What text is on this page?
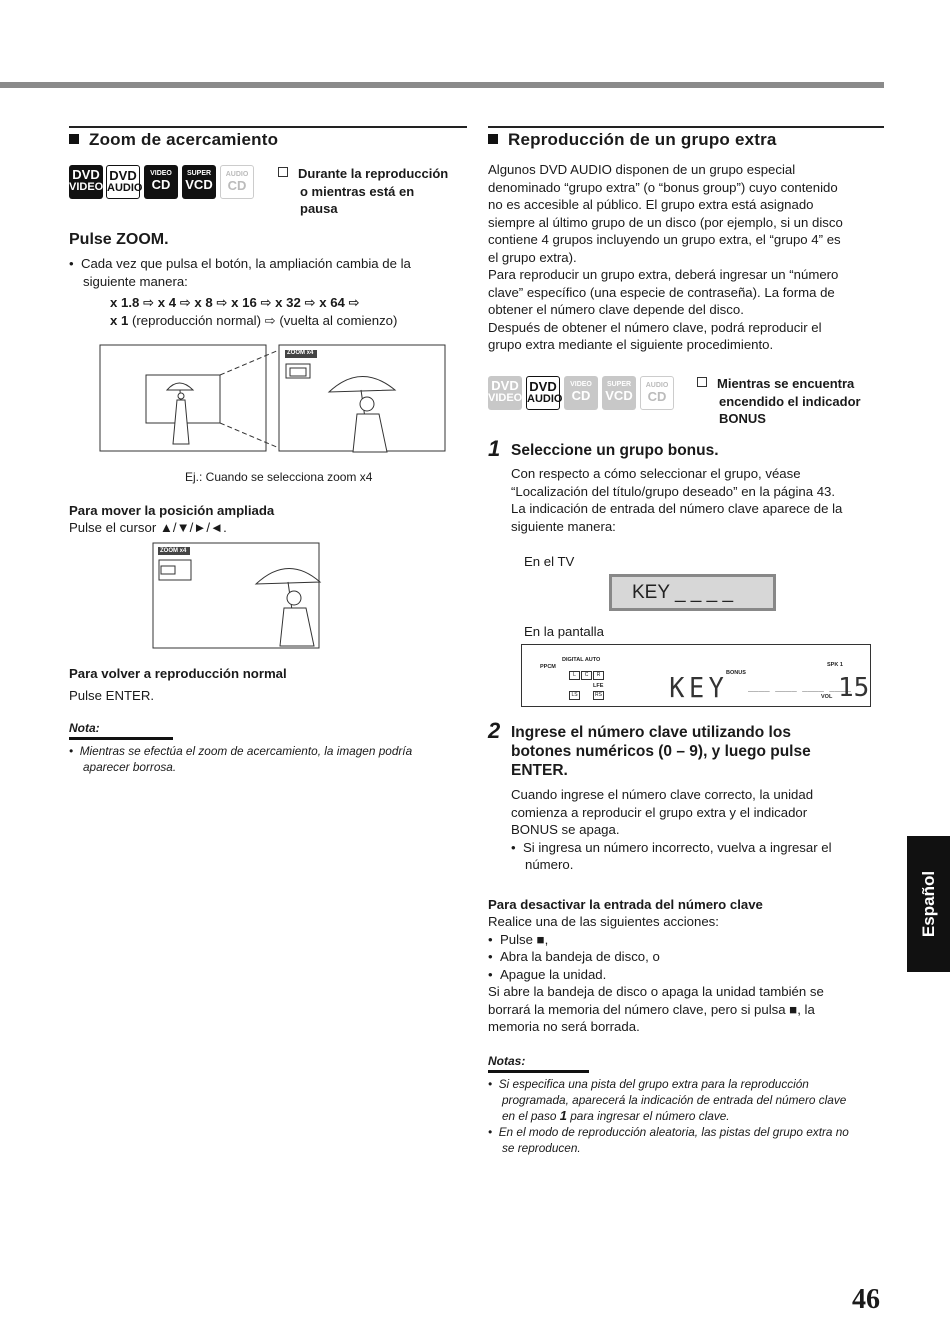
Zoom de acercamiento
DVD
VIDEO
DVD
AUDIO
VIDEO
CD
SUPER
VCD
AUDIO
CD
Durante la reproducción
o mientras está en
pausa
Pulse ZOOM.
•  Cada vez que pulsa el botón, la ampliación cambia de la
siguiente manera:
x 1.8 ⇨ x 4 ⇨ x 8 ⇨ x 16 ⇨ x 32 ⇨ x 64 ⇨
x 1 (reproducción normal) ⇨ (vuelta al comienzo)
ZOOM x4
Ej.: Cuando se selecciona zoom x4
Para mover la posición ampliada
Pulse el cursor ▲/▼/►/◄.
ZOOM x4
Para volver a reproducción normal
Pulse ENTER.
Nota:
•  Mientras se efectúa el zoom de acercamiento, la imagen podría
aparecer borrosa.
Reproducción de un grupo extra
Algunos DVD AUDIO disponen de un grupo especial
denominado “grupo extra” (o “bonus group”) cuyo contenido
no es accesible al público. El grupo extra está asignado
siempre al último grupo de un disco (por ejemplo, si un disco
contiene 4 grupos incluyendo un grupo extra, el “grupo 4” es
el grupo extra).
Para reproducir un grupo extra, deberá ingresar un “número
clave” específico (una especie de contraseña). La forma de
obtener el número clave depende del disco.
Después de obtener el número clave, podrá reproducir el
grupo extra mediante el siguiente procedimiento.
DVD
VIDEO
DVD
AUDIO
VIDEO
CD
SUPER
VCD
AUDIO
CD
Mientras se encuentra
encendido el indicador
BONUS
1 Seleccione un grupo bonus.
Con respecto a cómo seleccionar el grupo, véase
“Localización del título/grupo deseado” en la página 43.
La indicación de entrada del número clave aparece de la
siguiente manera:
En el TV
KEY _ _ _ _
En la pantalla
PPCM
DIGITAL AUTO
BONUS
SPK 1
LFE
VOL
L	C	R
LS	RS KEY ____ ____ ____ ____
15
2 Ingrese el número clave utilizando los
botones numéricos (0 – 9), y luego pulse
ENTER.
Cuando ingrese el número clave correcto, la unidad
comienza a reproducir el grupo extra y el indicador
BONUS se apaga.
•  Si ingresa un número incorrecto, vuelva a ingresar el
número.
Para desactivar la entrada del número clave
Realice una de las siguientes acciones:
•  Pulse ■,
•  Abra la bandeja de disco, o
•  Apague la unidad.
Si abre la bandeja de disco o apaga la unidad también se
borrará la memoria del número clave, pero si pulsa ■, la
memoria no será borrada.
Notas:
•  Si especifica una pista del grupo extra para la reproducción
programada, aparecerá la indicación de entrada del número clave
en el paso 1 para ingresar el número clave.
•  En el modo de reproducción aleatoria, las pistas del grupo extra no
se reproducen.
Español
46
